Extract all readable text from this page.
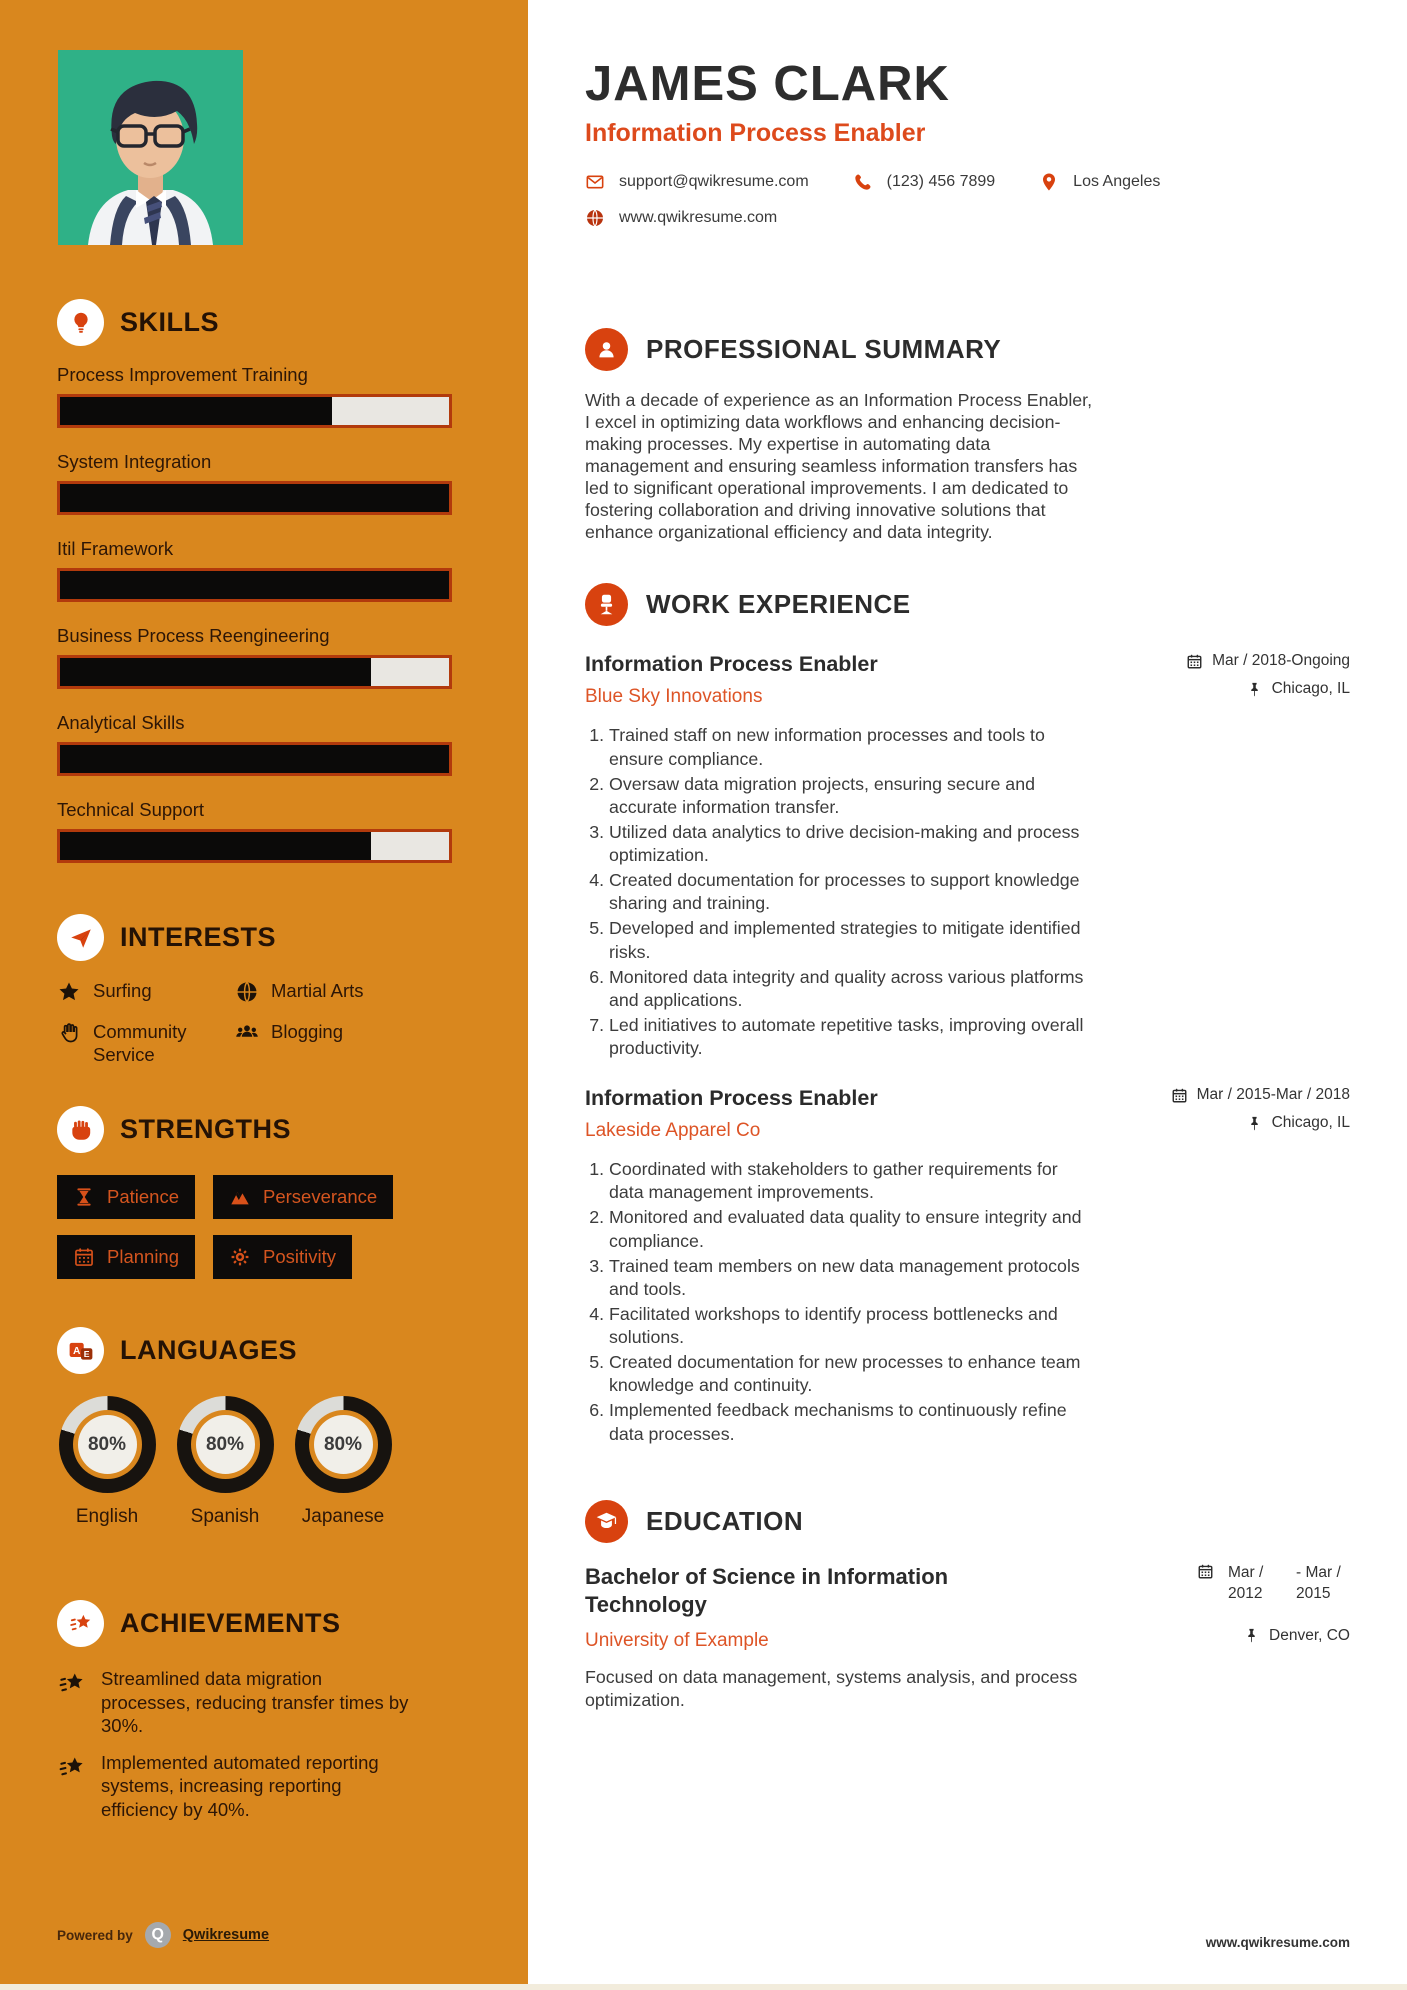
SKILLS
Process Improvement Training
System Integration
Itil Framework
Business Process Reengineering
Analytical Skills
Technical Support
INTERESTS
Surfing	Martial Arts
Community Service
Blogging
STRENGTHS
Patience	Perseverance
Planning	Positivity
A E LANGUAGES
80%
English
80%
Spanish
80%
Japanese
ACHIEVEMENTS
Streamlined data migration processes, reducing transfer times by 30%.
Implemented automated reporting systems, increasing reporting efficiency by 40%.
Powered by	Q	Qwikresume
JAMES CLARK
Information Process Enabler
support@qwikresume.com	(123) 456 7899	Los Angeles
www.qwikresume.com
PROFESSIONAL SUMMARY

With a decade of experience as an Information Process Enabler, I excel in optimizing data workflows and enhancing decision-making processes. My expertise in automating data management and ensuring seamless information transfers has led to significant operational improvements. I am dedicated to fostering collaboration and driving innovative solutions that enhance organizational efficiency and data integrity.

WORK EXPERIENCE
Information Process Enabler
Blue Sky Innovations
Mar / 2018-Ongoing
Chicago, IL
1. Trained staff on new information processes and tools to ensure compliance.
2. Oversaw data migration projects, ensuring secure and accurate information transfer.
3. Utilized data analytics to drive decision-making and process optimization.
4. Created documentation for processes to support knowledge sharing and training.
5. Developed and implemented strategies to mitigate identified risks.
6. Monitored data integrity and quality across various platforms and applications.
7. Led initiatives to automate repetitive tasks, improving overall productivity.
Information Process Enabler
Lakeside Apparel Co
Mar / 2015-Mar / 2018
Chicago, IL
1. Coordinated with stakeholders to gather requirements for data management improvements.
2. Monitored and evaluated data quality to ensure integrity and compliance.
3. Trained team members on new data management protocols and tools.
4. Facilitated workshops to identify process bottlenecks and solutions.
5. Created documentation for new processes to enhance team knowledge and continuity.
6. Implemented feedback mechanisms to continuously refine data processes.
EDUCATION
Bachelor of Science in Information Technology
Mar / 2012
- Mar / 2015
University of Example	Denver, CO

Focused on data management, systems analysis, and process optimization.

www.qwikresume.com
